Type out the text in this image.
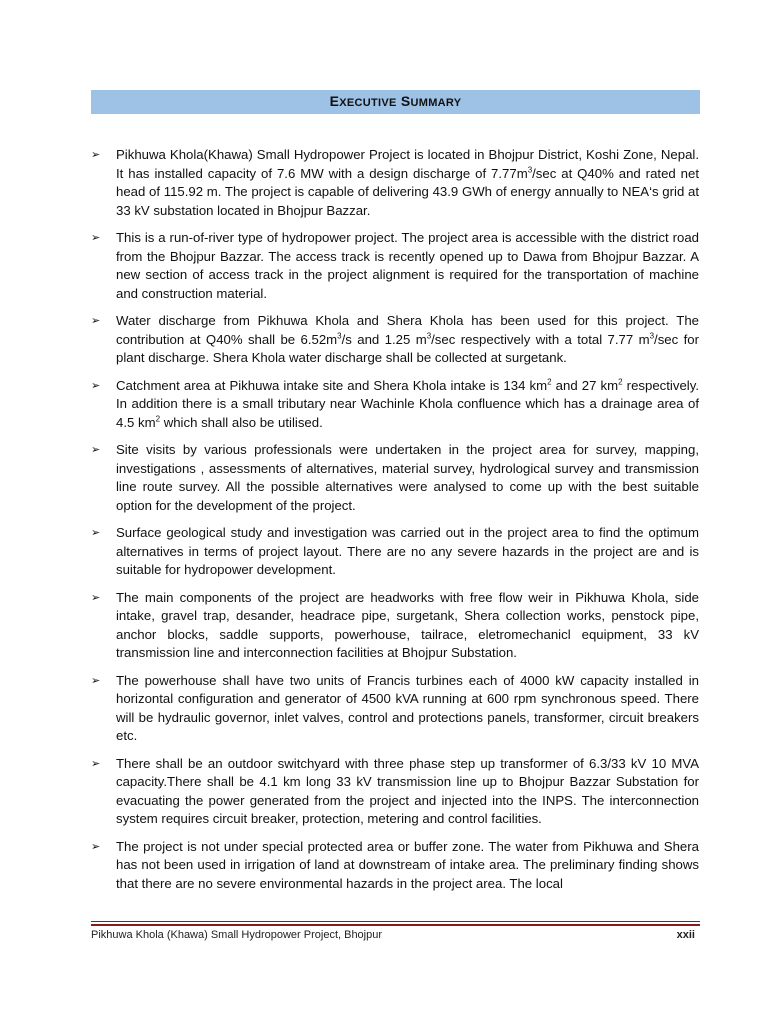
EXECUTIVE SUMMARY
➢	Pikhuwa Khola(Khawa) Small Hydropower Project is located in Bhojpur District, Koshi Zone, Nepal. It has installed capacity of 7.6 MW with a design discharge of $7.77m^3/\sec$ at Q40% and rated net head of 115.92 m. The project is capable of delivering 43.9 GWh of energy annually to NEA‘s grid at 33 kV substation located in Bhojpur Bazzar.
➢	This is a run-of-river type of hydropower project. The project area is accessible with the district road from the Bhojpur Bazzar. The access track is recently opened up to Dawa from Bhojpur Bazzar. A new section of access track in the project alignment is required for the transportation of machine and construction material.
➢	Water discharge from Pikhuwa Khola and Shera Khola has been used for this project. The contribution at Q40% shall be $6.52m^3/s$ and 1.25 $m^3/\sec$ respectively with a total 7.77 $m^3/\sec$ for plant discharge. Shera Khola water discharge shall be collected at surgetank.
➢	Catchment area at Pikhuwa intake site and Shera Khola intake is 134 $km^2$ and 27 $km^2$ respectively. In addition there is a small tributary near Wachinle Khola confluence which has a drainage area of 4.5 $km^2$ which shall also be utilised.
➢	Site visits by various professionals were undertaken in the project area for survey, mapping, investigations , assessments of alternatives, material survey, hydrological survey and transmission line route survey. All the possible alternatives were analysed to come up with the best suitable option for the development of the project.
➢	Surface geological study and investigation was carried out in the project area to find the optimum alternatives in terms of project layout. There are no any severe hazards in the project are and is suitable for hydropower development.
➢	The main components of the project are headworks with free flow weir in Pikhuwa Khola, side intake, gravel trap, desander, headrace pipe, surgetank, Shera collection works, penstock pipe, anchor blocks, saddle supports, powerhouse, tailrace, eletromechanicl equipment, 33 kV transmission line and interconnection facilities at Bhojpur Substation.
➢	The powerhouse shall have two units of Francis turbines each of 4000 kW capacity installed in horizontal configuration and generator of 4500 kVA running at 600 rpm synchronous speed. There will be hydraulic governor, inlet valves, control and protections panels, transformer, circuit breakers etc.
➢	There shall be an outdoor switchyard with three phase step up transformer of 6.3/33 kV 10 MVA capacity.There shall be 4.1 km long 33 kV transmission line up to Bhojpur Bazzar Substation for evacuating the power generated from the project and injected into the INPS. The interconnection system requires circuit breaker, protection, metering and control facilities.
➢	The project is not under special protected area or buffer zone. The water from Pikhuwa and Shera has not been used in irrigation of land at downstream of intake area. The preliminary finding shows that there are no severe environmental hazards in the project area. The local
Pikhuwa Khola (Khawa) Small Hydropower Project, Bhojpur	xxii
